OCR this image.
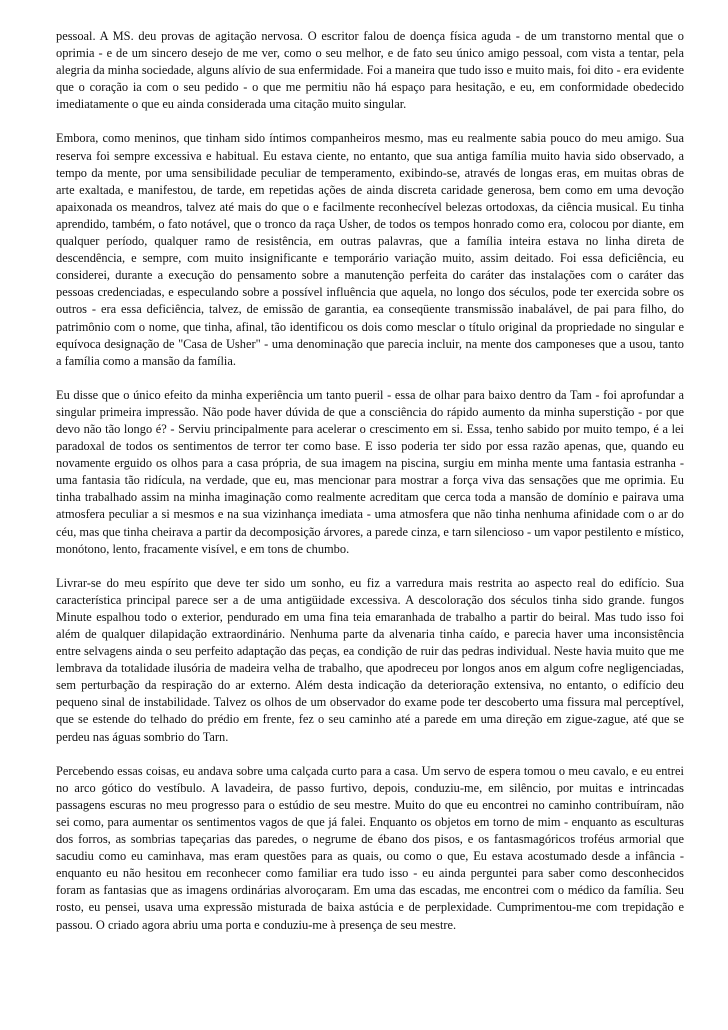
pessoal. A MS. deu provas de agitação nervosa. O escritor falou de doença física aguda - de um transtorno mental que o oprimia - e de um sincero desejo de me ver, como o seu melhor, e de fato seu único amigo pessoal, com vista a tentar, pela alegria da minha sociedade, alguns alívio de sua enfermidade. Foi a maneira que tudo isso e muito mais, foi dito - era evidente que o coração ia com o seu pedido - o que me permitiu não há espaço para hesitação, e eu, em conformidade obedecido imediatamente o que eu ainda considerada uma citação muito singular.

Embora, como meninos, que tinham sido íntimos companheiros mesmo, mas eu realmente sabia pouco do meu amigo. Sua reserva foi sempre excessiva e habitual. Eu estava ciente, no entanto, que sua antiga família muito havia sido observado, a tempo da mente, por uma sensibilidade peculiar de temperamento, exibindo-se, através de longas eras, em muitas obras de arte exaltada, e manifestou, de tarde, em repetidas ações de ainda discreta caridade generosa, bem como em uma devoção apaixonada os meandros, talvez até mais do que o e facilmente reconhecível belezas ortodoxas, da ciência musical. Eu tinha aprendido, também, o fato notável, que o tronco da raça Usher, de todos os tempos honrado como era, colocou por diante, em qualquer período, qualquer ramo de resistência, em outras palavras, que a família inteira estava no linha direta de descendência, e sempre, com muito insignificante e temporário variação muito, assim deitado. Foi essa deficiência, eu considerei, durante a execução do pensamento sobre a manutenção perfeita do caráter das instalações com o caráter das pessoas credenciadas, e especulando sobre a possível influência que aquela, no longo dos séculos, pode ter exercida sobre os outros - era essa deficiência, talvez, de emissão de garantia, ea conseqüente transmissão inabalável, de pai para filho, do patrimônio com o nome, que tinha, afinal, tão identificou os dois como mesclar o título original da propriedade no singular e equívoca designação de "Casa de Usher" - uma denominação que parecia incluir, na mente dos camponeses que a usou, tanto a família como a mansão da família.

Eu disse que o único efeito da minha experiência um tanto pueril - essa de olhar para baixo dentro da Tam - foi aprofundar a singular primeira impressão. Não pode haver dúvida de que a consciência do rápido aumento da minha superstição - por que devo não tão longo é? - Serviu principalmente para acelerar o crescimento em si. Essa, tenho sabido por muito tempo, é a lei paradoxal de todos os sentimentos de terror ter como base. E isso poderia ter sido por essa razão apenas, que, quando eu novamente erguido os olhos para a casa própria, de sua imagem na piscina, surgiu em minha mente uma fantasia estranha - uma fantasia tão ridícula, na verdade, que eu, mas mencionar para mostrar a força viva das sensações que me oprimia. Eu tinha trabalhado assim na minha imaginação como realmente acreditam que cerca toda a mansão de domínio e pairava uma atmosfera peculiar a si mesmos e na sua vizinhança imediata - uma atmosfera que não tinha nenhuma afinidade com o ar do céu, mas que tinha cheirava a partir da decomposição árvores, a parede cinza, e tarn silencioso - um vapor pestilento e místico, monótono, lento, fracamente visível, e em tons de chumbo.

Livrar-se do meu espírito que deve ter sido um sonho, eu fiz a varredura mais restrita ao aspecto real do edifício. Sua característica principal parece ser a de uma antigüidade excessiva. A descoloração dos séculos tinha sido grande. fungos Minute espalhou todo o exterior, pendurado em uma fina teia emaranhada de trabalho a partir do beiral. Mas tudo isso foi além de qualquer dilapidação extraordinário. Nenhuma parte da alvenaria tinha caído, e parecia haver uma inconsistência entre selvagens ainda o seu perfeito adaptação das peças, ea condição de ruir das pedras individual. Neste havia muito que me lembrava da totalidade ilusória de madeira velha de trabalho, que apodreceu por longos anos em algum cofre negligenciadas, sem perturbação da respiração do ar externo. Além desta indicação da deterioração extensiva, no entanto, o edifício deu pequeno sinal de instabilidade. Talvez os olhos de um observador do exame pode ter descoberto uma fissura mal perceptível, que se estende do telhado do prédio em frente, fez o seu caminho até a parede em uma direção em zigue-zague, até que se perdeu nas águas sombrio do Tarn.

Percebendo essas coisas, eu andava sobre uma calçada curto para a casa. Um servo de espera tomou o meu cavalo, e eu entrei no arco gótico do vestíbulo. A lavadeira, de passo furtivo, depois, conduziu-me, em silêncio, por muitas e intrincadas passagens escuras no meu progresso para o estúdio de seu mestre. Muito do que eu encontrei no caminho contribuíram, não sei como, para aumentar os sentimentos vagos de que já falei. Enquanto os objetos em torno de mim - enquanto as esculturas dos forros, as sombrias tapeçarias das paredes, o negrume de ébano dos pisos, e os fantasmagóricos troféus armorial que sacudiu como eu caminhava, mas eram questões para as quais, ou como o que, Eu estava acostumado desde a infância - enquanto eu não hesitou em reconhecer como familiar era tudo isso - eu ainda perguntei para saber como desconhecidos foram as fantasias que as imagens ordinárias alvoroçaram. Em uma das escadas, me encontrei com o médico da família. Seu rosto, eu pensei, usava uma expressão misturada de baixa astúcia e de perplexidade. Cumprimentou-me com trepidação e passou. O criado agora abriu uma porta e conduziu-me à presença de seu mestre.
